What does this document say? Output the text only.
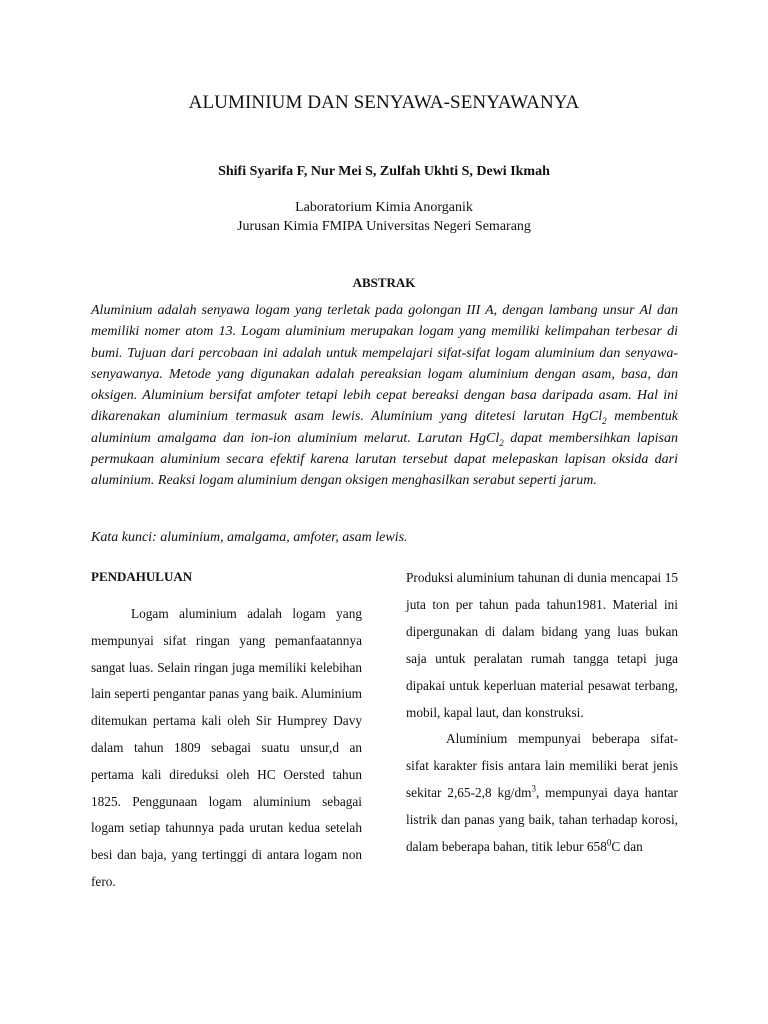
ALUMINIUM DAN SENYAWA-SENYAWANYA
Shifi Syarifa F, Nur Mei S, Zulfah Ukhti S, Dewi Ikmah
Laboratorium Kimia Anorganik
Jurusan Kimia FMIPA Universitas Negeri Semarang
ABSTRAK

Aluminium adalah senyawa logam yang terletak pada golongan III A, dengan lambang unsur Al dan memiliki nomer atom 13. Logam aluminium merupakan logam yang memiliki kelimpahan terbesar di bumi. Tujuan dari percobaan ini adalah untuk mempelajari sifat-sifat logam aluminium dan senyawa-senyawanya. Metode yang digunakan adalah pereaksian logam aluminium dengan asam, basa, dan oksigen. Aluminium bersifat amfoter tetapi lebih cepat bereaksi dengan basa daripada asam. Hal ini dikarenakan aluminium termasuk asam lewis. Aluminium yang ditetesi larutan HgCl$_2$ membentuk aluminium amalgama dan ion-ion aluminium melarut. Larutan HgCl$_2$ dapat membersihkan lapisan permukaan aluminium secara efektif karena larutan tersebut dapat melepaskan lapisan oksida dari aluminium. Reaksi logam aluminium dengan oksigen menghasilkan serabut seperti jarum.

Kata kunci: aluminium, amalgama, amfoter, asam lewis.

PENDAHULUAN

Logam aluminium adalah logam yang mempunyai sifat ringan yang pemanfaatannya sangat luas. Selain ringan juga memiliki kelebihan lain seperti pengantar panas yang baik. Aluminium ditemukan pertama kali oleh Sir Humprey Davy dalam tahun 1809 sebagai suatu unsur,d an pertama kali direduksi oleh HC Oersted tahun 1825. Penggunaan logam aluminium sebagai logam setiap tahunnya pada urutan kedua setelah besi dan baja, yang tertinggi di antara logam non fero.

Produksi aluminium tahunan di dunia mencapai 15 juta ton per tahun pada tahun1981. Material ini dipergunakan di dalam bidang yang luas bukan saja untuk peralatan rumah tangga tetapi juga dipakai untuk keperluan material pesawat terbang, mobil, kapal laut, dan konstruksi.

Aluminium mempunyai beberapa sifat-sifat karakter fisis antara lain memiliki berat jenis sekitar 2,65-2,8 $kg/dm^3$, mempunyai daya hantar listrik dan panas yang baik, tahan terhadap korosi, dalam beberapa bahan, titik lebur $658^0C$ dan
